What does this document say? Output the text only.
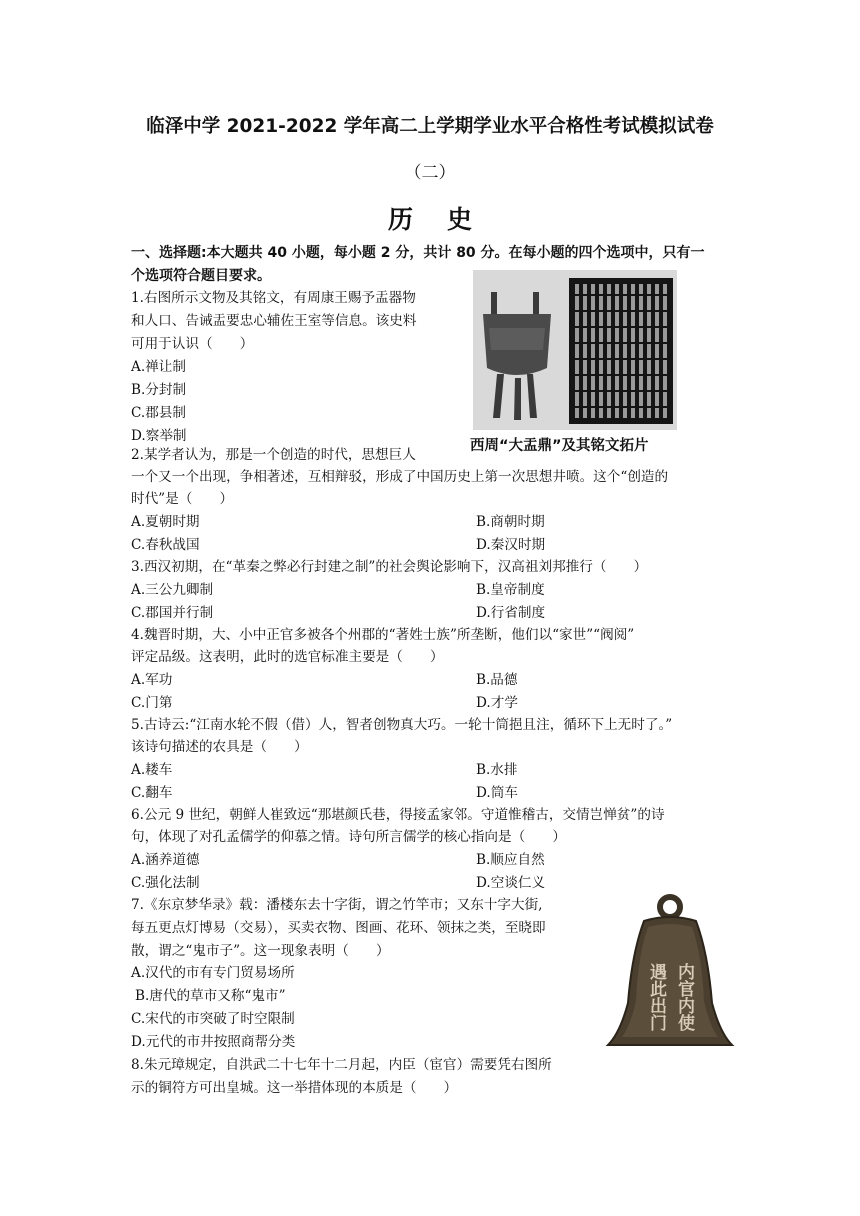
临泽中学 2021-2022 学年高二上学期学业水平合格性考试模拟试卷
（二）
历史
一、选择题:本大题共 40 小题，每小题 2 分，共计 80 分。在每小题的四个选项中，只有一
个选项符合题目要求。
1.右图所示文物及其铭文，有周康王赐予盂器物
和人口、告诫盂要忠心辅佐王室等信息。该史料
可用于认识（　　）
A.禅让制
B.分封制
C.郡县制
D.察举制
西周“大盂鼎”及其铭文拓片
2.某学者认为，那是一个创造的时代，思想巨人
一个又一个出现，争相著述，互相辩驳，形成了中国历史上第一次思想井喷。这个“创造的
时代”是（　　）
A.夏朝时期	B.商朝时期
C.春秋战国	D.秦汉时期
3.西汉初期，在“革秦之弊必行封建之制”的社会舆论影响下，汉高祖刘邦推行（　　）
A.三公九卿制	B.皇帝制度
C.郡国并行制	D.行省制度
4.魏晋时期，大、小中正官多被各个州郡的“著姓士族”所垄断，他们以“家世”“阀阅”
评定品级。这表明，此时的选官标准主要是（　　）
A.军功	B.品德
C.门第	D.才学
5.古诗云:“江南水轮不假（借）人，智者创物真大巧。一轮十筒挹且注，循环下上无时了。”
该诗句描述的农具是（　　）
A.耧车	B.水排
C.翻车	D.筒车
6.公元 9 世纪，朝鲜人崔致远“那堪颜氏巷，得接孟家邻。守道惟稽古，交情岂惮贫”的诗
句，体现了对孔孟儒学的仰慕之情。诗句所言儒学的核心指向是（　　）
A.涵养道德	B.顺应自然
C.强化法制	D.空谈仁义
7.《东京梦华录》载：潘楼东去十字街，谓之竹竿市；又东十字大街,
每五更点灯博易（交易），买卖衣物、图画、花环、领抹之类，至晓即
散，谓之“鬼市子”。这一现象表明（　　）
A.汉代的市有专门贸易场所
B.唐代的草市又称“鬼市”
C.宋代的市突破了时空限制
D.元代的市井按照商帮分类
8.朱元璋规定，自洪武二十七年十二月起，内臣（宦官）需要凭右图所
示的铜符方可出皇城。这一举措体现的本质是（　　）
内官内使
遇此出门
